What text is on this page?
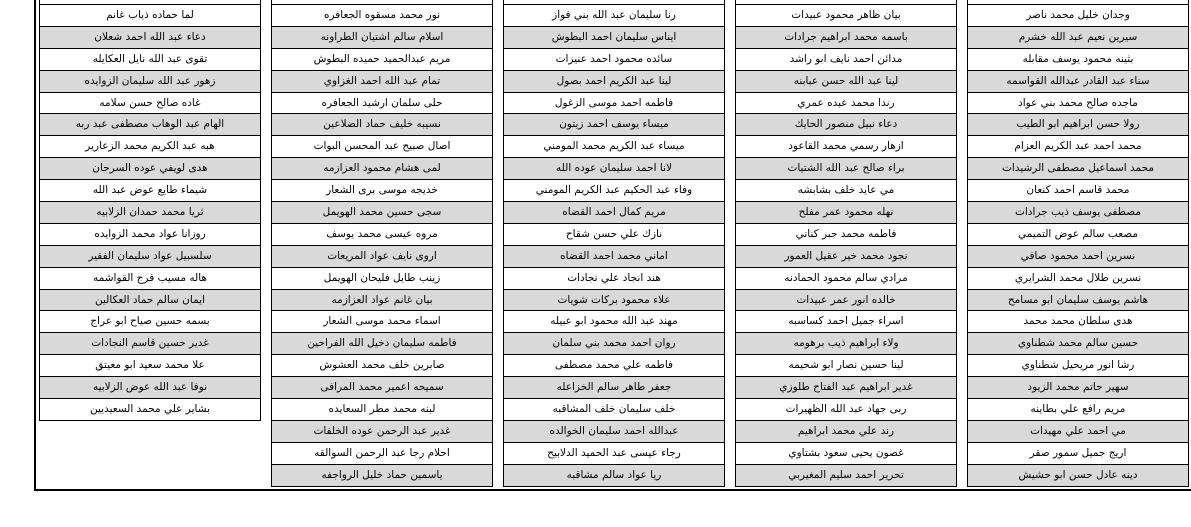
وجدان خليل محمد ناصر
سيرين نعيم عبد الله خشرم
بثينه محمود يوسف مقابله
سناء عبد القادر عبدالله القواسمه
ماجده صالح محمد بني عواد
رولا حسن ابراهيم ابو الطيب
محمد احمد عبد الكريم العزام
محمد اسماعيل مصطفى الرشيدات
محمد قاسم احمد كنعان
مصطفى يوسف ذيب جرادات
مصعب سالم عوض التميمي
نسرين احمد محمود صافي
نسرين طلال محمد الشرايري
هاشم يوسف سليمان ابو مسامح
هدى سلطان محمد محمد
حسين سالم محمد شطناوي
رشا انور مريحيل شطناوي
سهير حاتم محمد الزيود
مريم رافع علي بطاينه
مي احمد علي مهيدات
اريج جميل سمور صقر
دينه عادل حسن ابو حشيش
بيان ظاهر محمود عبيدات
باسمه محمد ابراهيم جرادات
مدائن احمد نايف ابو راشد
لينا عبد الله حسن عبابنه
رندا محمد عبده عمري
دعاء نبيل منصور الحايك
ازهار رسمي محمد القاعود
براء صالح عبد الله الشتيات
مي عايد خلف بشابشه
نهله محمود عمر مفلح
فاطمه محمد جبر كناني
نجود محمد خير عقيل العمور
مرادي سالم محمود الحمادنه
خالده انور عمر عبيدات
اسراء جميل احمد كساسبه
ولاء ابراهيم ذيب برهومه
لينا حسين نصار ابو شحيمه
غدير ابراهيم عبد الفتاح طلوزي
ربى جهاد عبد الله الظهيرات
رند علي محمد ابراهيم
غصون يحيى سعود بشتاوي
تحرير احمد سليم المغيربي
رنا سليمان عبد الله بني فواز
ايناس سليمان احمد البطوش
سائده محمود احمد عنيزات
لينا عبد الكريم احمد بصول
فاطمه احمد موسى الزغول
ميساء يوسف احمد زيتون
ميساء عبد الكريم محمد المومني
لانا احمد سليمان عوده الله
وفاء عبد الحكيم عبد الكريم المومني
مريم كمال احمد القضاه
نازك علي حسن شقاح
اماني محمد احمد القضاه
هند انجاد علي نجادات
علاء محمود بركات شويات
مهند عبد الله محمود ابو عبيله
روان احمد محمد بني سلمان
فاطمه علي محمد مصطفى
جعفر طاهر سالم الخزاعله
خلف سليمان خلف المشاقبه
عبدالله احمد سليمان الخوالده
رجاء عيسى عبد الحميد الدلابيح
ريا عواد سالم مشاقبه
نور محمد مسقوه الجعافره
اسلام سالم اشتيان الطراونه
مريم عبدالحميد حميده البطوش
تمام عبد الله احمد الغزاوي
حلى سلمان ارشيد الجعافره
نسيبه خليف حماد الضلاعين
اصال صبيح عبد المحسن البوات
لمى هشام محمود العزازمه
خديجه موسى برى الشعار
سجى حسين محمد الهويمل
مروه عيسى محمد يوسف
اروى نايف عواد المريعات
زينب طايل فليحان الهويمل
بيان غانم عواد العزازمه
اسماء محمد موسى الشعار
فاطمه سليمان دخيل الله الفراحين
صابرين خلف محمد العشوش
سميحه اعمير محمد المرافى
لبنه محمد مطر السعايده
غدير عبد الرحمن عوده الخلفات
احلام رجا عبد الرحمن السوالقه
ياسمين حماد خليل الرواجفه
لما حماده ذياب غانم
دعاء عبد الله احمد شعلان
تقوى عبد الله نايل العكايله
زهور عبد الله سليمان الزوايده
غاده صالح حسن سلامه
الهام عبد الوهاب مصطفى عبد ربه
هبه عبد الكريم محمد الزعارير
هدى لويفي عوده السرحان
شيماء طايع عوض عبد الله
ثريا محمد حمدان الزلابيه
روزانا عواد محمد الزوايده
سلسبيل عواد سليمان الفقير
هاله مسيب فرج القواشمه
ايمان سالم حماد العكالين
بسمه حسين صياح ابو عراج
غدير حسين قاسم النجادات
علا محمد سعيد ابو معيتق
نوفا عبد الله عوض الزلابيه
بشاير علي محمد السعيديين
